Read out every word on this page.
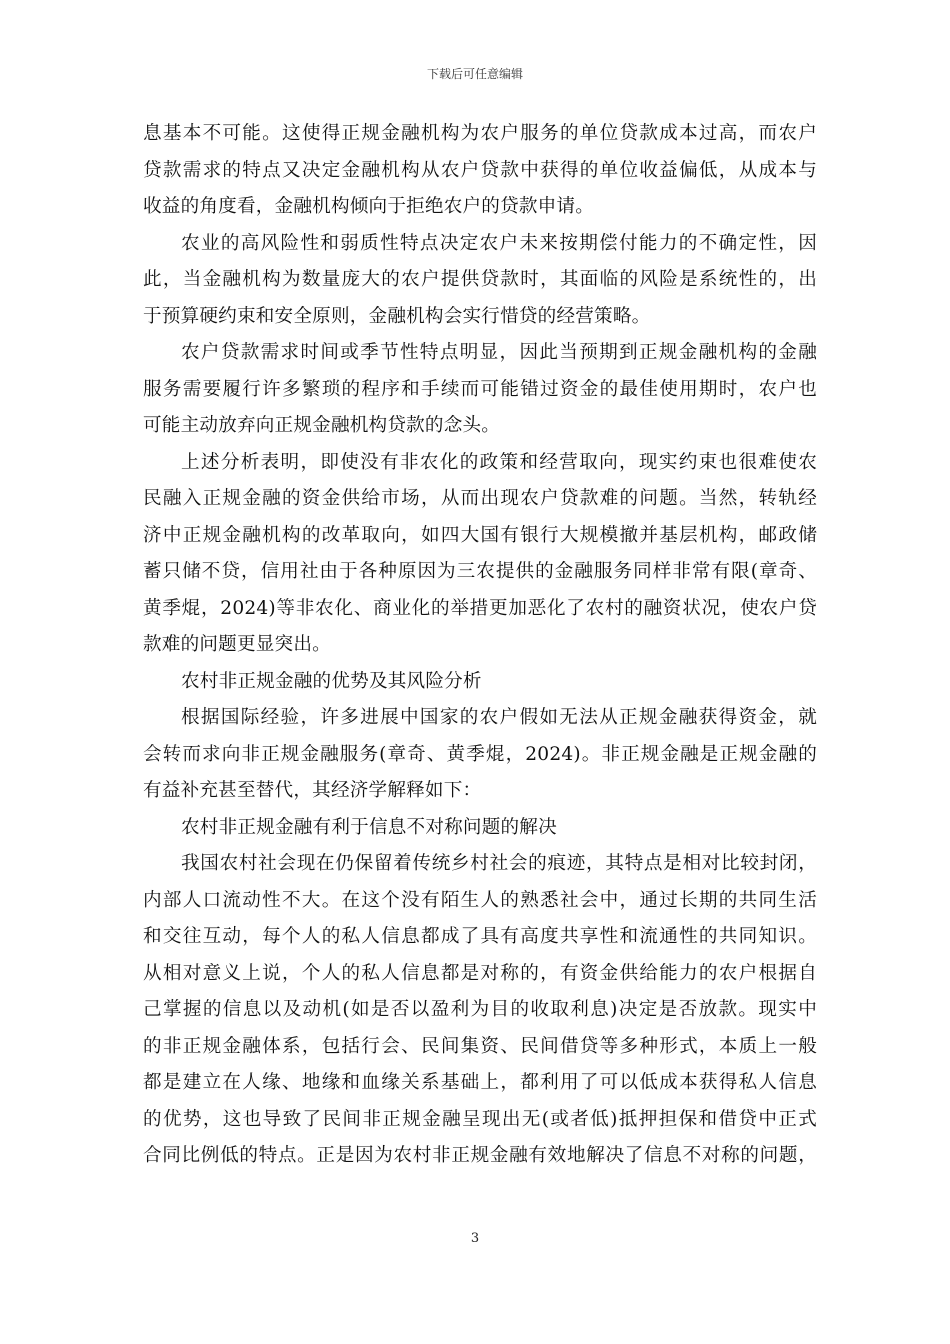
下载后可任意编辑
息基本不可能。这使得正规金融机构为农户服务的单位贷款成本过高，而农户
贷款需求的特点又决定金融机构从农户贷款中获得的单位收益偏低，从成本与
收益的角度看，金融机构倾向于拒绝农户的贷款申请。
农业的高风险性和弱质性特点决定农户未来按期偿付能力的不确定性，因
此，当金融机构为数量庞大的农户提供贷款时，其面临的风险是系统性的，出
于预算硬约束和安全原则，金融机构会实行惜贷的经营策略。
农户贷款需求时间或季节性特点明显，因此当预期到正规金融机构的金融
服务需要履行许多繁琐的程序和手续而可能错过资金的最佳使用期时，农户也
可能主动放弃向正规金融机构贷款的念头。
上述分析表明，即使没有非农化的政策和经营取向，现实约束也很难使农
民融入正规金融的资金供给市场，从而出现农户贷款难的问题。当然，转轨经
济中正规金融机构的改革取向，如四大国有银行大规模撤并基层机构，邮政储
蓄只储不贷，信用社由于各种原因为三农提供的金融服务同样非常有限(章奇、
黄季焜，2024)等非农化、商业化的举措更加恶化了农村的融资状况，使农户贷
款难的问题更显突出。
农村非正规金融的优势及其风险分析
根据国际经验，许多进展中国家的农户假如无法从正规金融获得资金，就
会转而求向非正规金融服务(章奇、黄季焜，2024)。非正规金融是正规金融的
有益补充甚至替代，其经济学解释如下：
农村非正规金融有利于信息不对称问题的解决
我国农村社会现在仍保留着传统乡村社会的痕迹，其特点是相对比较封闭，
内部人口流动性不大。在这个没有陌生人的熟悉社会中，通过长期的共同生活
和交往互动，每个人的私人信息都成了具有高度共享性和流通性的共同知识。
从相对意义上说，个人的私人信息都是对称的，有资金供给能力的农户根据自
己掌握的信息以及动机(如是否以盈利为目的收取利息)决定是否放款。现实中
的非正规金融体系，包括行会、民间集资、民间借贷等多种形式，本质上一般
都是建立在人缘、地缘和血缘关系基础上，都利用了可以低成本获得私人信息
的优势，这也导致了民间非正规金融呈现出无(或者低)抵押担保和借贷中正式
合同比例低的特点。正是因为农村非正规金融有效地解决了信息不对称的问题，
3
